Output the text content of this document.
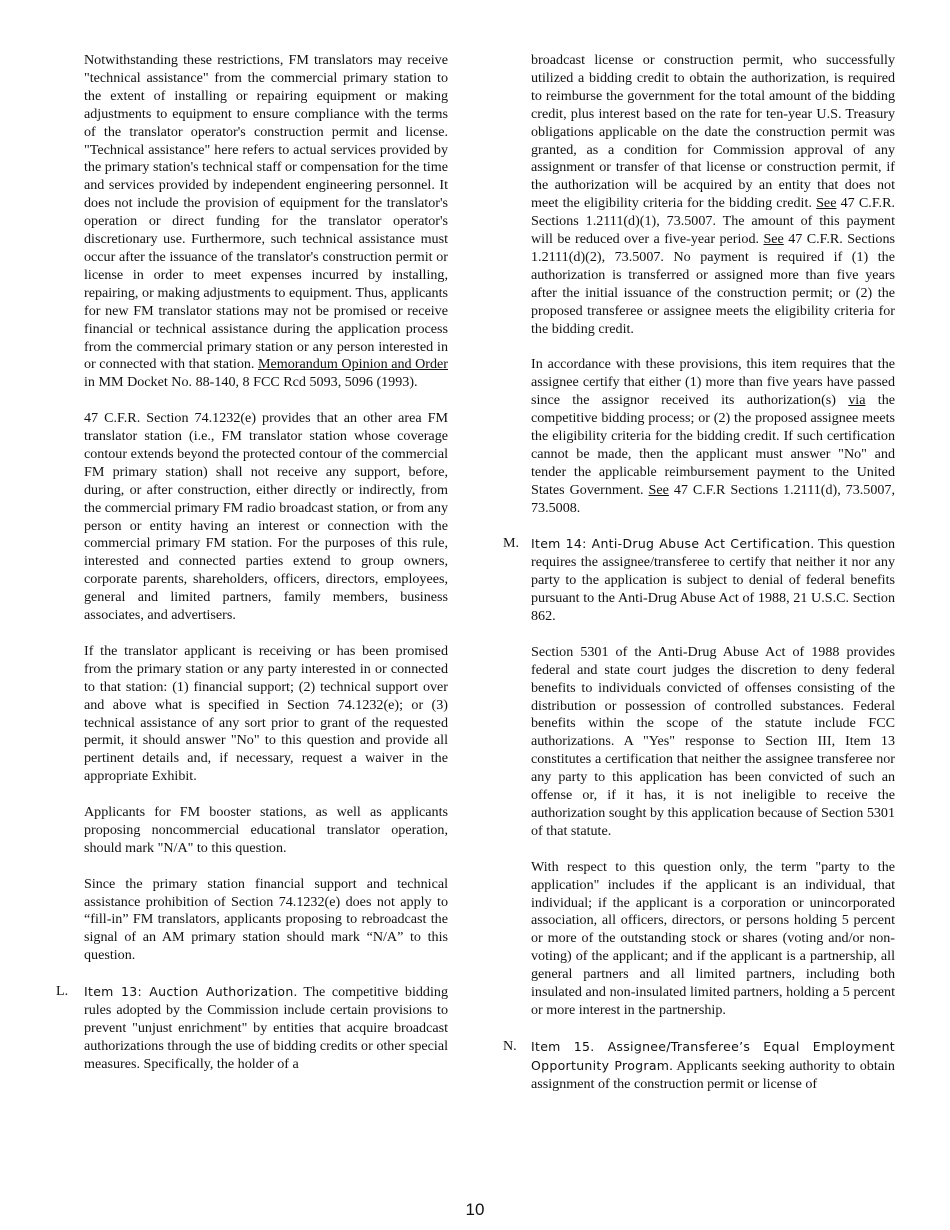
Notwithstanding these restrictions, FM translators may receive "technical assistance" from the commercial primary station to the extent of installing or repairing equipment or making adjustments to equipment to ensure compliance with the terms of the translator operator's construction permit and license. "Technical assistance" here refers to actual services provided by the primary station's technical staff or compensation for the time and services provided by independent engineering personnel. It does not include the provision of equipment for the translator's operation or direct funding for the translator operator's discretionary use. Furthermore, such technical assistance must occur after the issuance of the translator's construction permit or license in order to meet expenses incurred by installing, repairing, or making adjustments to equipment. Thus, applicants for new FM translator stations may not be promised or receive financial or technical assistance during the application process from the commercial primary station or any person interested in or connected with that station. Memorandum Opinion and Order in MM Docket No. 88-140, 8 FCC Rcd 5093, 5096 (1993).

47 C.F.R. Section 74.1232(e) provides that an other area FM translator station (i.e., FM translator station whose coverage contour extends beyond the protected contour of the commercial FM primary station) shall not receive any support, before, during, or after construction, either directly or indirectly, from the commercial primary FM radio broadcast station, or from any person or entity having an interest or connection with the commercial primary FM station. For the purposes of this rule, interested and connected parties extend to group owners, corporate parents, shareholders, officers, directors, employees, general and limited partners, family members, business associates, and advertisers.

If the translator applicant is receiving or has been promised from the primary station or any party interested in or connected to that station: (1) financial support; (2) technical support over and above what is specified in Section 74.1232(e); or (3) technical assistance of any sort prior to grant of the requested permit, it should answer "No" to this question and provide all pertinent details and, if necessary, request a waiver in the appropriate Exhibit.

Applicants for FM booster stations, as well as applicants proposing noncommercial educational translator operation, should mark "N/A" to this question.

Since the primary station financial support and technical assistance prohibition of Section 74.1232(e) does not apply to “fill-in” FM translators, applicants proposing to rebroadcast the signal of an AM primary station should mark “N/A” to this question.

L. Item 13: Auction Authorization. The competitive bidding rules adopted by the Commission include certain provisions to prevent "unjust enrichment" by entities that acquire broadcast authorizations through the use of bidding credits or other special measures. Specifically, the holder of a

broadcast license or construction permit, who successfully utilized a bidding credit to obtain the authorization, is required to reimburse the government for the total amount of the bidding credit, plus interest based on the rate for ten-year U.S. Treasury obligations applicable on the date the construction permit was granted, as a condition for Commission approval of any assignment or transfer of that license or construction permit, if the authorization will be acquired by an entity that does not meet the eligibility criteria for the bidding credit. See 47 C.F.R. Sections 1.2111(d)(1), 73.5007. The amount of this payment will be reduced over a five-year period. See 47 C.F.R. Sections 1.2111(d)(2), 73.5007. No payment is required if (1) the authorization is transferred or assigned more than five years after the initial issuance of the construction permit; or (2) the proposed transferee or assignee meets the eligibility criteria for the bidding credit.

In accordance with these provisions, this item requires that the assignee certify that either (1) more than five years have passed since the assignor received its authorization(s) via the competitive bidding process; or (2) the proposed assignee meets the eligibility criteria for the bidding credit. If such certification cannot be made, then the applicant must answer "No" and tender the applicable reimbursement payment to the United States Government. See 47 C.F.R Sections 1.2111(d), 73.5007, 73.5008.

M. Item 14: Anti-Drug Abuse Act Certification. This question requires the assignee/transferee to certify that neither it nor any party to the application is subject to denial of federal benefits pursuant to the Anti-Drug Abuse Act of 1988, 21 U.S.C. Section 862.

Section 5301 of the Anti-Drug Abuse Act of 1988 provides federal and state court judges the discretion to deny federal benefits to individuals convicted of offenses consisting of the distribution or possession of controlled substances. Federal benefits within the scope of the statute include FCC authorizations. A "Yes" response to Section III, Item 13 constitutes a certification that neither the assignee transferee nor any party to this application has been convicted of such an offense or, if it has, it is not ineligible to receive the authorization sought by this application because of Section 5301 of that statute.

With respect to this question only, the term "party to the application" includes if the applicant is an individual, that individual; if the applicant is a corporation or unincorporated association, all officers, directors, or persons holding 5 percent or more of the outstanding stock or shares (voting and/or non-voting) of the applicant; and if the applicant is a partnership, all general partners and all limited partners, including both insulated and non-insulated limited partners, holding a 5 percent or more interest in the partnership.

N. Item 15. Assignee/Transferee’s Equal Employment Opportunity Program. Applicants seeking authority to obtain assignment of the construction permit or license of
10
